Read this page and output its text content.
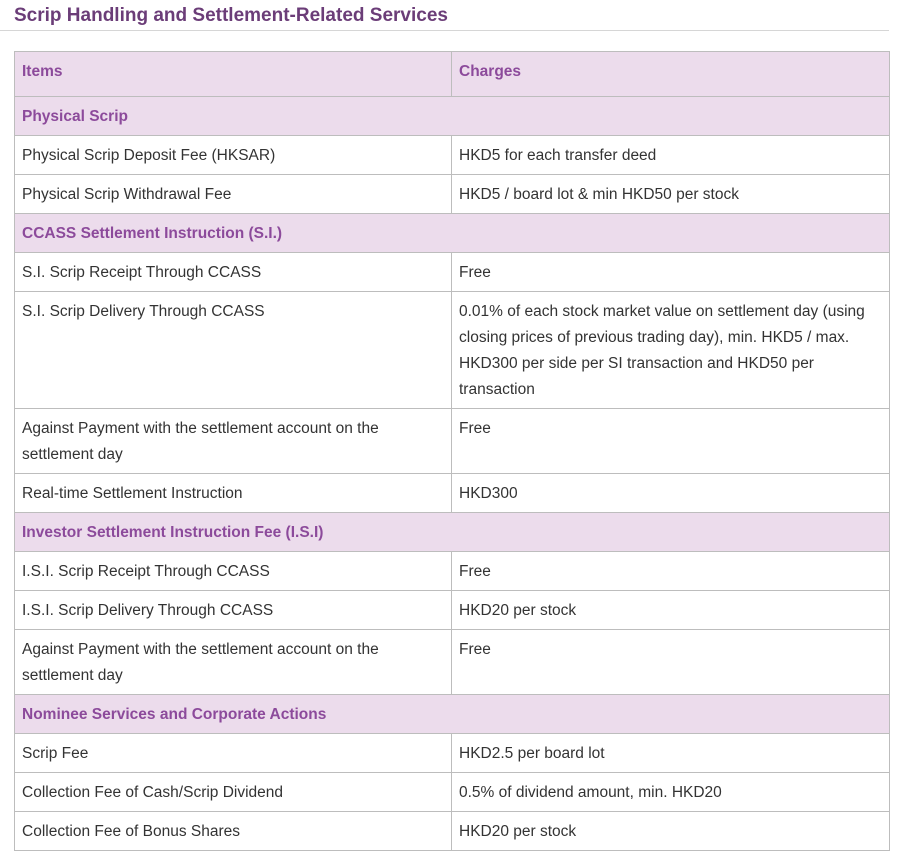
Scrip Handling and Settlement-Related Services
Items	Charges
Physical Scrip	
Physical Scrip Deposit Fee (HKSAR)	HKD5 for each transfer deed
Physical Scrip Withdrawal Fee	HKD5 / board lot & min HKD50 per stock
CCASS Settlement Instruction (S.I.)	
S.I. Scrip Receipt Through CCASS	Free
S.I. Scrip Delivery Through CCASS	0.01% of each stock market value on settlement day (using closing prices of previous trading day), min. HKD5 / max. HKD300 per side per SI transaction and HKD50 per transaction
Against Payment with the settlement account on the settlement day	Free
Real-time Settlement Instruction	HKD300
Investor Settlement Instruction Fee (I.S.I)	
I.S.I. Scrip Receipt Through CCASS	Free
I.S.I. Scrip Delivery Through CCASS	HKD20 per stock
Against Payment with the settlement account on the settlement day	Free
Nominee Services and Corporate Actions	
Scrip Fee	HKD2.5 per board lot
Collection Fee of Cash/Scrip Dividend	0.5% of dividend amount, min. HKD20
Collection Fee of Bonus Shares	HKD20 per stock
